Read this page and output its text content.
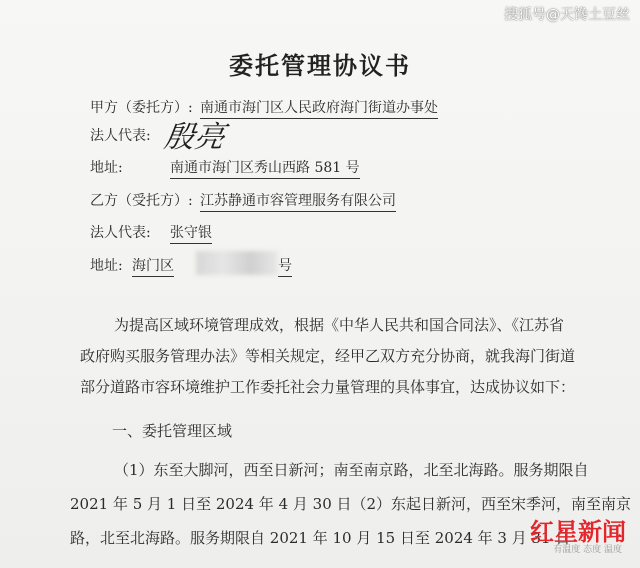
搜狐号@天馋土豆丝
委托管理协议书
甲方（委托方）: 南通市海门区人民政府海门街道办事处
法人代表: 殷亮
地址:	南通市海门区秀山西路 581 号
乙方（受托方）: 江苏静通市容管理服务有限公司
法人代表: 张守银
地址: 海门区	号
为提高区域环境管理成效，根据《中华人民共和国合同法》、《江苏省
政府购买服务管理办法》等相关规定，经甲乙双方充分协商，就我海门街道
部分道路市容环境维护工作委托社会力量管理的具体事宜，达成协议如下：
一、委托管理区域
（1）东至大脚河，西至日新河；南至南京路，北至北海路。服务期限自
2021 年 5 月 1 日至 2024 年 4 月 30 日（2）东起日新河，西至宋季河，南至南京
路，北至北海路。服务期限自 2021 年 10 月 15 日至 2024 年 3 月 31 日
红星新闻
有温度 态度 温度
